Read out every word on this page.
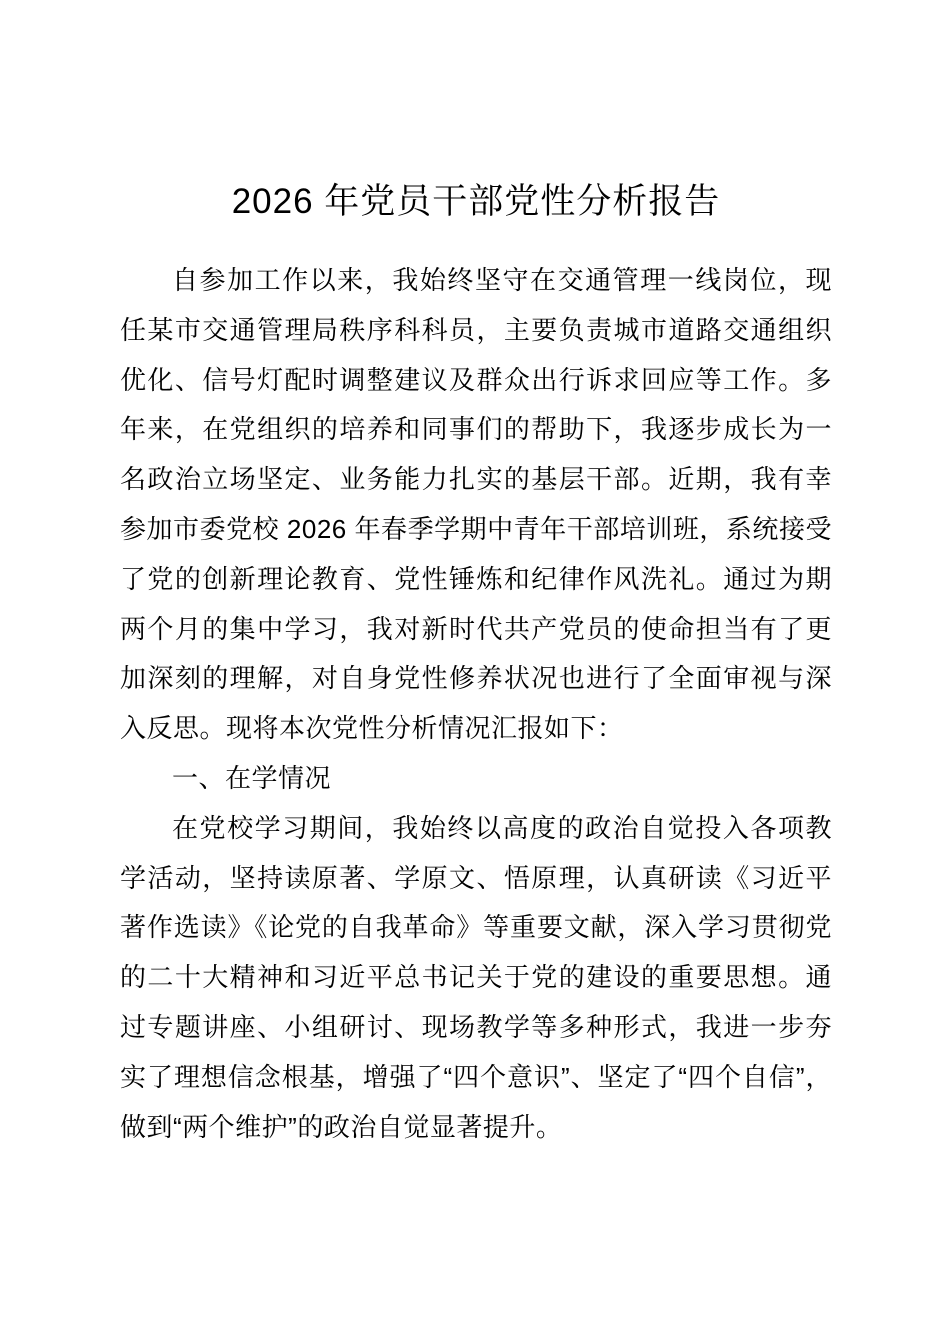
2026 年党员干部党性分析报告

自参加工作以来，我始终坚守在交通管理一线岗位，现任某市交通管理局秩序科科员，主要负责城市道路交通组织优化、信号灯配时调整建议及群众出行诉求回应等工作。多年来，在党组织的培养和同事们的帮助下，我逐步成长为一名政治立场坚定、业务能力扎实的基层干部。近期，我有幸参加市委党校 2026 年春季学期中青年干部培训班，系统接受了党的创新理论教育、党性锤炼和纪律作风洗礼。通过为期两个月的集中学习，我对新时代共产党员的使命担当有了更加深刻的理解，对自身党性修养状况也进行了全面审视与深入反思。现将本次党性分析情况汇报如下：

一、在学情况

在党校学习期间，我始终以高度的政治自觉投入各项教学活动，坚持读原著、学原文、悟原理，认真研读《习近平著作选读》《论党的自我革命》等重要文献，深入学习贯彻党的二十大精神和习近平总书记关于党的建设的重要思想。通过专题讲座、小组研讨、现场教学等多种形式，我进一步夯实了理想信念根基，增强了“四个意识”、坚定了“四个自信”，做到“两个维护”的政治自觉显著提升。
